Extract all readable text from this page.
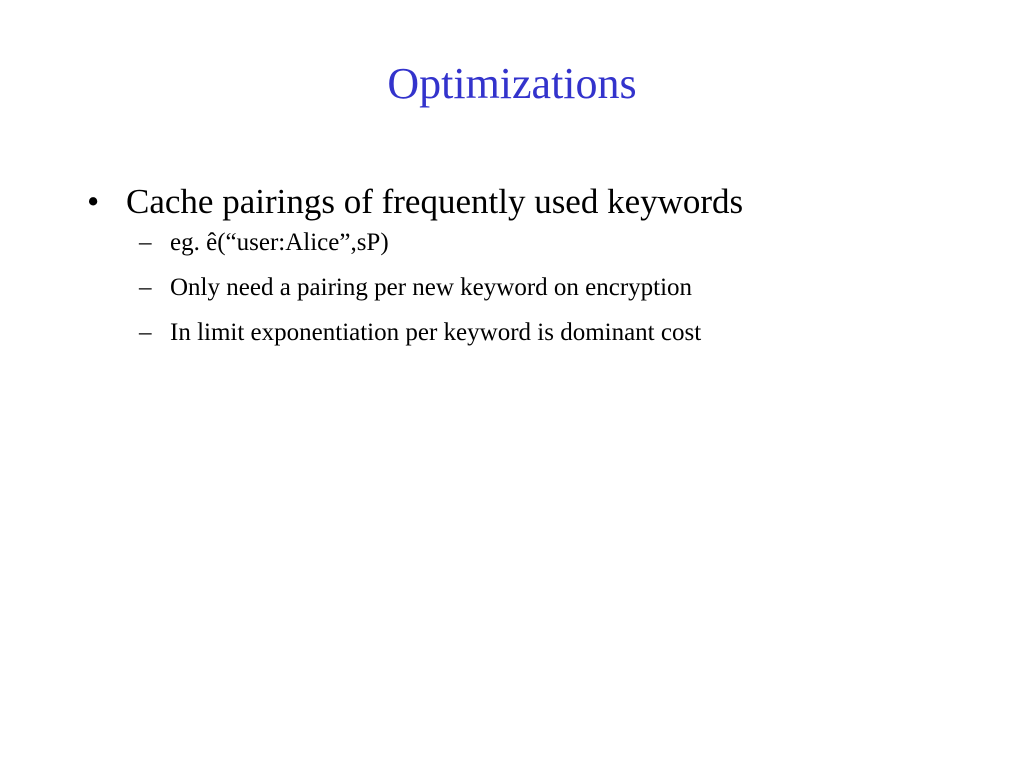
Optimizations
• Cache pairings of frequently used keywords
– eg. ê(“user:Alice”,sP)
– Only need a pairing per new keyword on encryption
– In limit exponentiation per keyword is dominant cost
